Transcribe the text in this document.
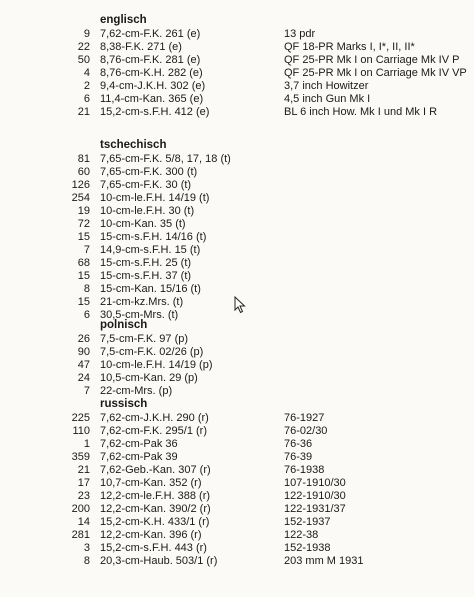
englisch
9 7,62-cm-F.K. 261 (e)	13 pdr
22 8,38-F.K. 271 (e)	QF 18-PR Marks I, I*, II, II*
50 8,76-cm-F.K. 281 (e)	QF 25-PR Mk I on Carriage Mk IV P
4 8,76-cm-K.H. 282 (e)	QF 25-PR Mk I on Carriage Mk IV VP
2 9,4-cm-J.K.H. 302 (e)	3,7 inch Howitzer
6 11,4-cm-Kan. 365 (e)	4,5 inch Gun Mk I
21 15,2-cm-s.F.H. 412 (e)	BL 6 inch How. Mk I und Mk I R
tschechisch
81 7,65-cm-F.K. 5/8, 17, 18 (t)
60 7,65-cm-F.K. 300 (t)
126 7,65-cm-F.K. 30 (t)
254 10-cm-le.F.H. 14/19 (t)
19 10-cm-le.F.H. 30 (t)
72 10-cm-Kan. 35 (t)
15 15-cm-s.F.H. 14/16 (t)
7 14,9-cm-s.F.H. 15 (t)
68 15-cm-s.F.H. 25 (t)
15 15-cm-s.F.H. 37 (t)
8 15-cm-Kan. 15/16 (t)
15 21-cm-kz.Mrs. (t)
6 30,5-cm-Mrs. (t)
polnisch
26 7,5-cm-F.K. 97 (p)
90 7,5-cm-F.K. 02/26 (p)
47 10-cm-le.F.H. 14/19 (p)
24 10,5-cm-Kan. 29 (p)
7 22-cm-Mrs. (p)
russisch
225 7,62-cm-J.K.H. 290 (r)	76-1927
110 7,62-cm-F.K. 295/1 (r)	76-02/30
1 7,62-cm-Pak 36	76-36
359 7,62-cm-Pak 39	76-39
21 7,62-Geb.-Kan. 307 (r)	76-1938
17 10,7-cm-Kan. 352 (r)	107-1910/30
23 12,2-cm-le.F.H. 388 (r)	122-1910/30
200 12,2-cm-Kan. 390/2 (r)	122-1931/37
14 15,2-cm-K.H. 433/1 (r)	152-1937
281 12,2-cm-Kan. 396 (r)	122-38
3 15,2-cm-s.F.H. 443 (r)	152-1938
8 20,3-cm-Haub. 503/1 (r)	203 mm M 1931
